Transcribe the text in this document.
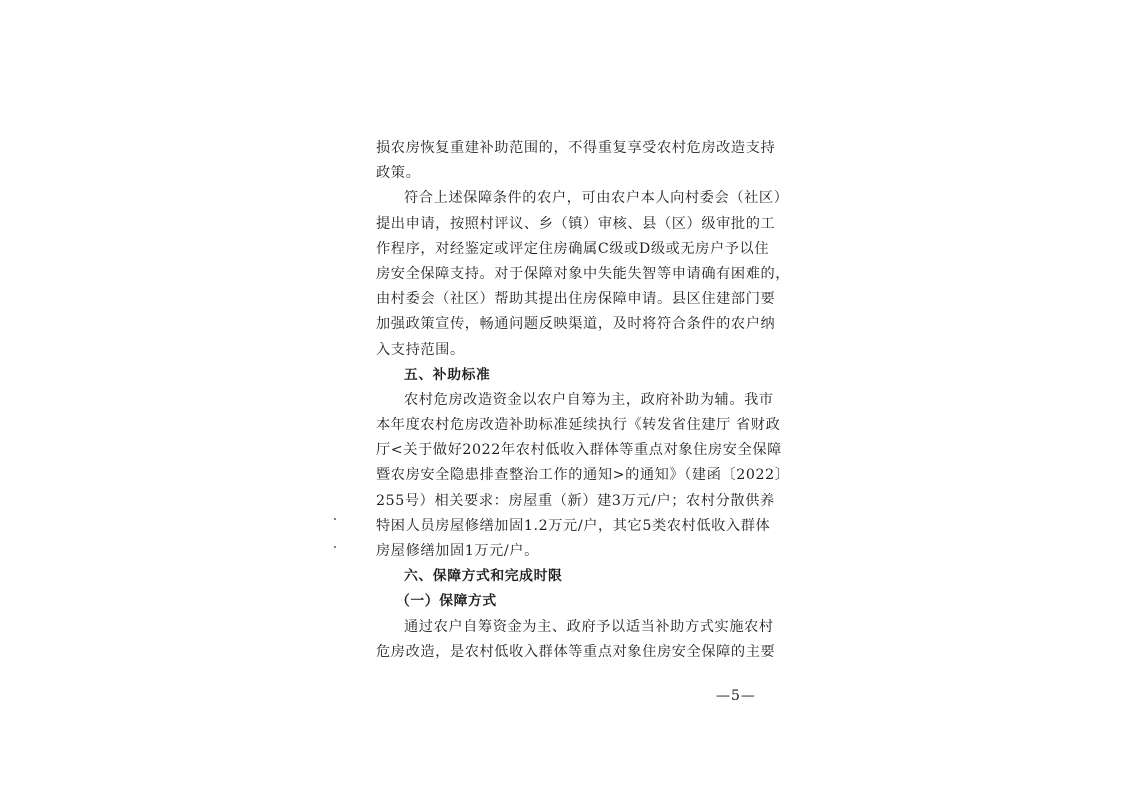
损农房恢复重建补助范围的，不得重复享受农村危房改造支持
政策。
符合上述保障条件的农户，可由农户本人向村委会（社区）
提出申请，按照村评议、乡（镇）审核、县（区）级审批的工
作程序，对经鉴定或评定住房确属C级或D级或无房户予以住
房安全保障支持。对于保障对象中失能失智等申请确有困难的，
由村委会（社区）帮助其提出住房保障申请。县区住建部门要
加强政策宣传，畅通问题反映渠道，及时将符合条件的农户纳
入支持范围。
五、补助标准
农村危房改造资金以农户自筹为主，政府补助为辅。我市
本年度农村危房改造补助标准延续执行《转发省住建厅 省财政
厅<关于做好2022年农村低收入群体等重点对象住房安全保障
暨农房安全隐患排查整治工作的通知>的通知》（建函〔2022〕
255号）相关要求：房屋重（新）建3万元/户；农村分散供养
特困人员房屋修缮加固1.2万元/户，其它5类农村低收入群体
房屋修缮加固1万元/户。
六、保障方式和完成时限
（一）保障方式
通过农户自筹资金为主、政府予以适当补助方式实施农村
危房改造，是农村低收入群体等重点对象住房安全保障的主要
—5—
